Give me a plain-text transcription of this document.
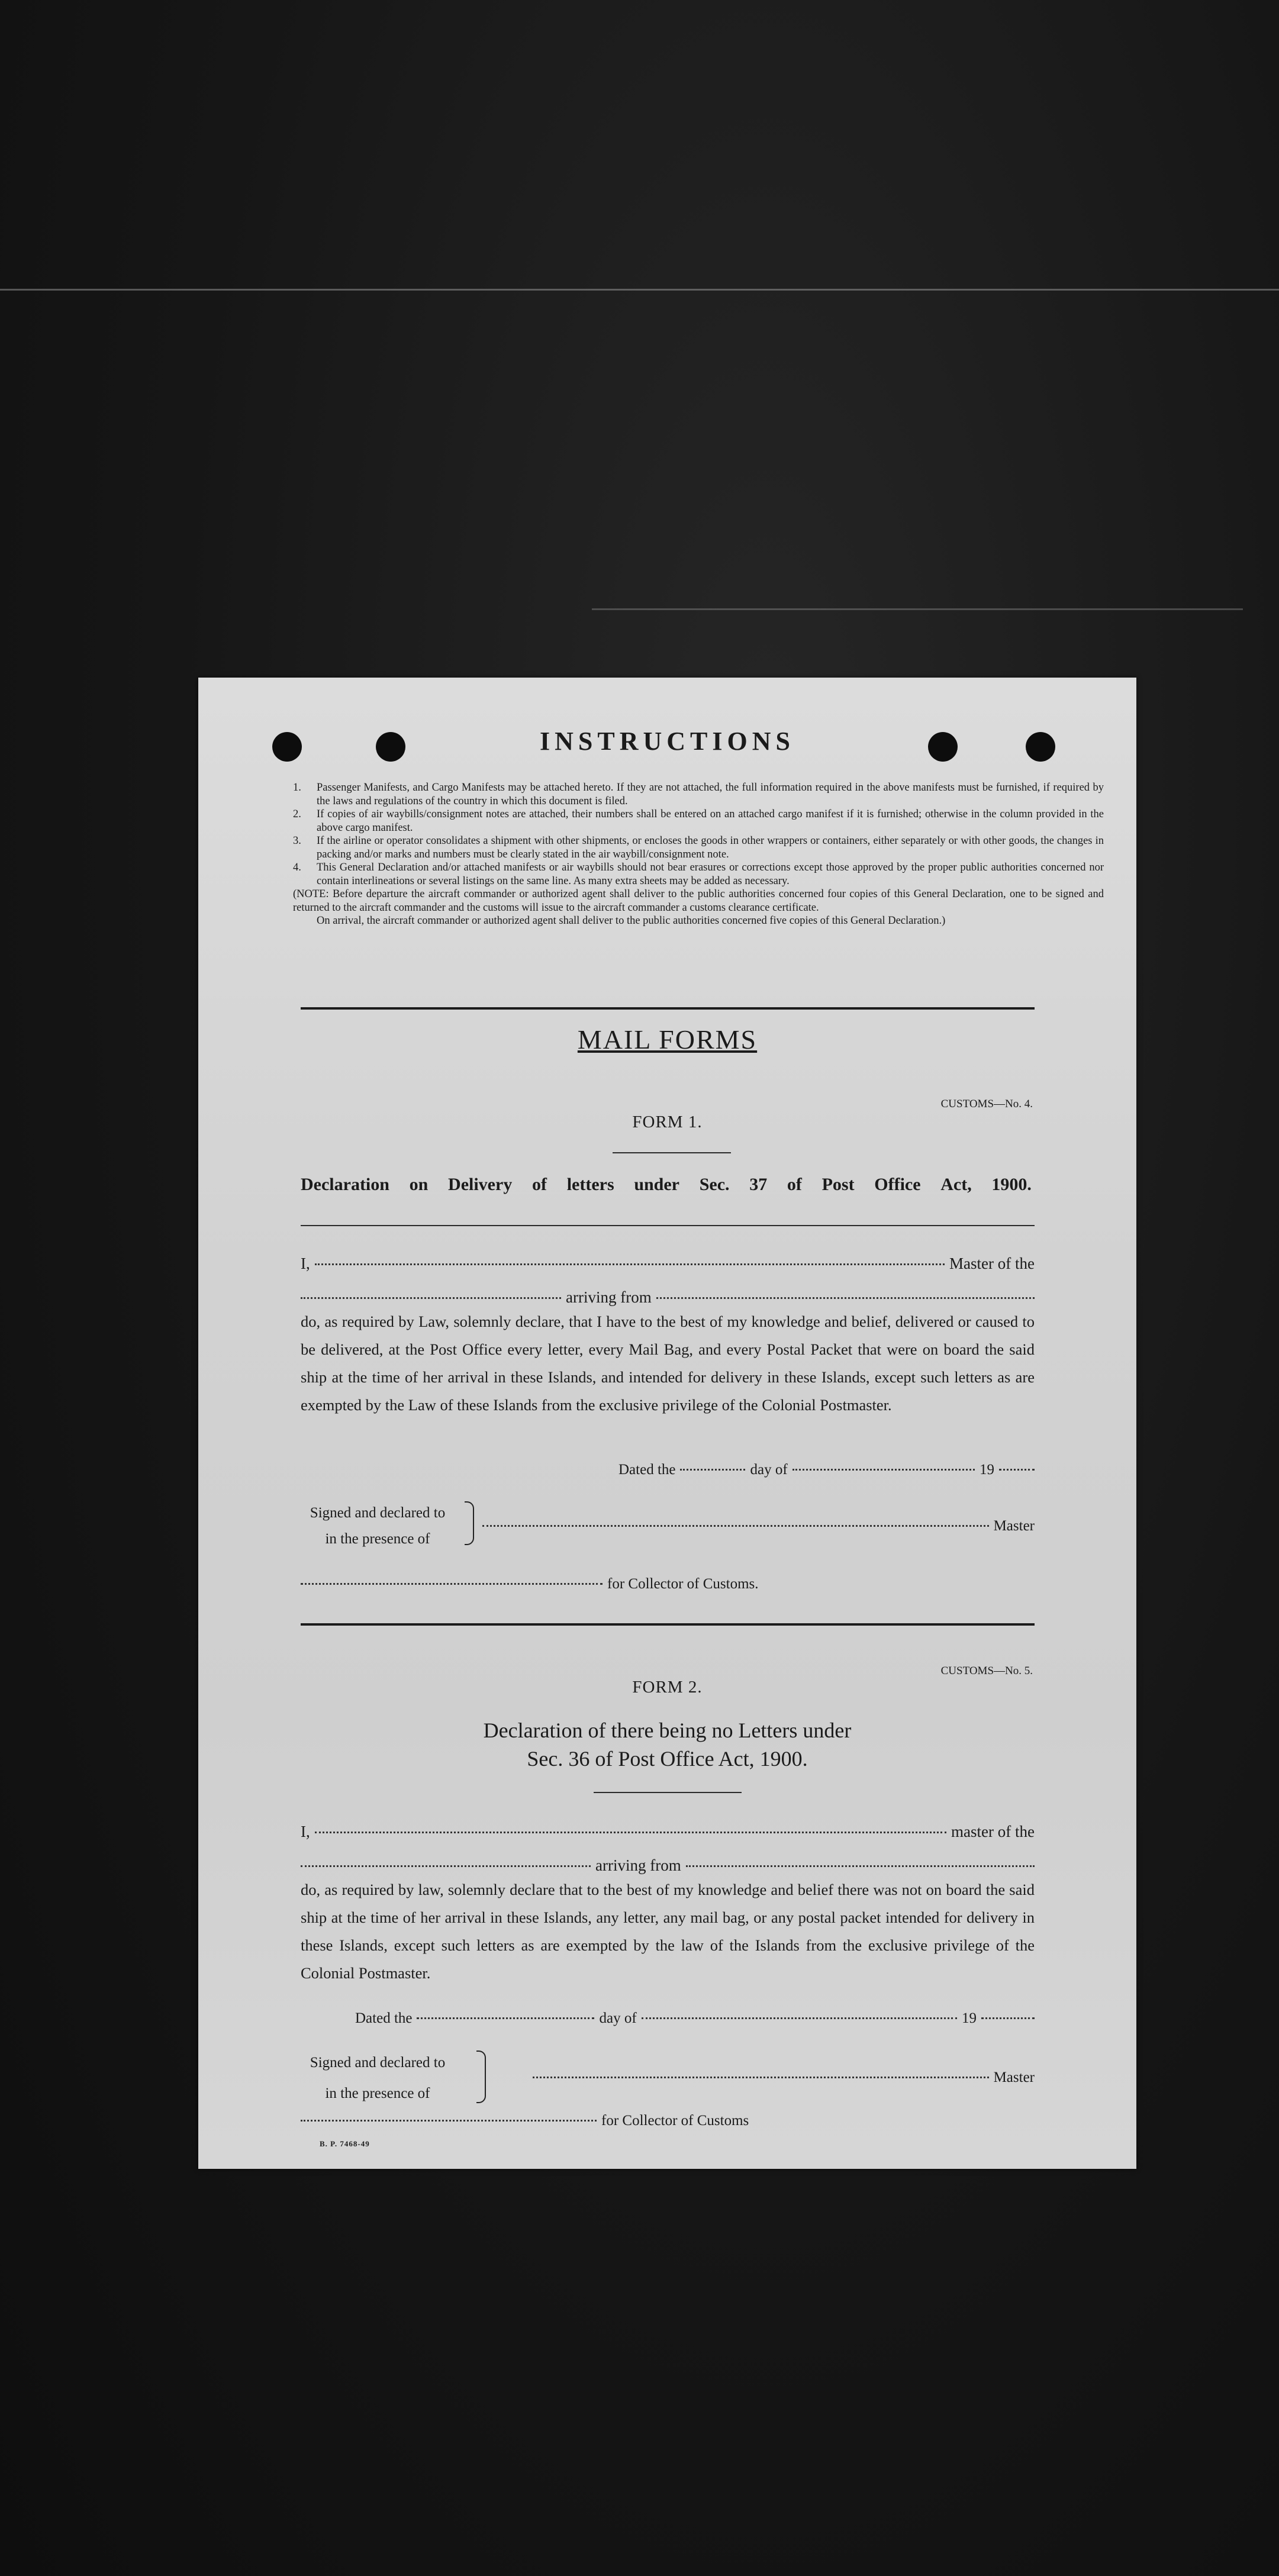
INSTRUCTIONS
1.	Passenger Manifests, and Cargo Manifests may be attached hereto. If they are not attached, the full information required in the above manifests must be furnished, if required by the laws and regulations of the country in which this document is filed.
2.	If copies of air waybills/consignment notes are attached, their numbers shall be entered on an attached cargo manifest if it is furnished; otherwise in the column provided in the above cargo manifest.
3.	If the airline or operator consolidates a shipment with other shipments, or encloses the goods in other wrappers or containers, either separately or with other goods, the changes in packing and/or marks and numbers must be clearly stated in the air waybill/consignment note.
4.	This General Declaration and/or attached manifests or air waybills should not bear erasures or corrections except those approved by the proper public authorities concerned nor contain interlineations or several listings on the same line. As many extra sheets may be added as necessary.
(NOTE: Before departure the aircraft commander or authorized agent shall deliver to the public authorities concerned four copies of this General Declaration, one to be signed and returned to the aircraft commander and the customs will issue to the aircraft commander a customs clearance certificate.
On arrival, the aircraft commander or authorized agent shall deliver to the public authorities concerned five copies of this General Declaration.)
MAIL FORMS
CUSTOMS—No. 4.
FORM 1.
Declaration on Delivery of letters under Sec. 37 of Post Office Act, 1900.
I,	Master of the
arriving from
do, as required by Law, solemnly declare, that I have to the best of my knowledge and belief, delivered or caused to be delivered, at the Post Office every letter, every Mail Bag, and every Postal Packet that were on board the said ship at the time of her arrival in these Islands, and intended for delivery in these Islands, except such letters as are exempted by the Law of these Islands from the exclusive privilege of the Colonial Postmaster.
Dated the	day of	19
Signed and declared to
in the presence of
Master
for Collector of Customs.
CUSTOMS—No. 5.
FORM 2.
Declaration of there being no Letters under
Sec. 36 of Post Office Act, 1900.
I,	master of the
arriving from
do, as required by law, solemnly declare that to the best of my knowledge and belief there was not on board the said ship at the time of her arrival in these Islands, any letter, any mail bag, or any postal packet intended for delivery in these Islands, except such letters as are exempted by the law of the Islands from the exclusive privilege of the Colonial Postmaster.
Dated the	day of	19
Signed and declared to
in the presence of
Master
for Collector of Customs
B. P. 7468-49
